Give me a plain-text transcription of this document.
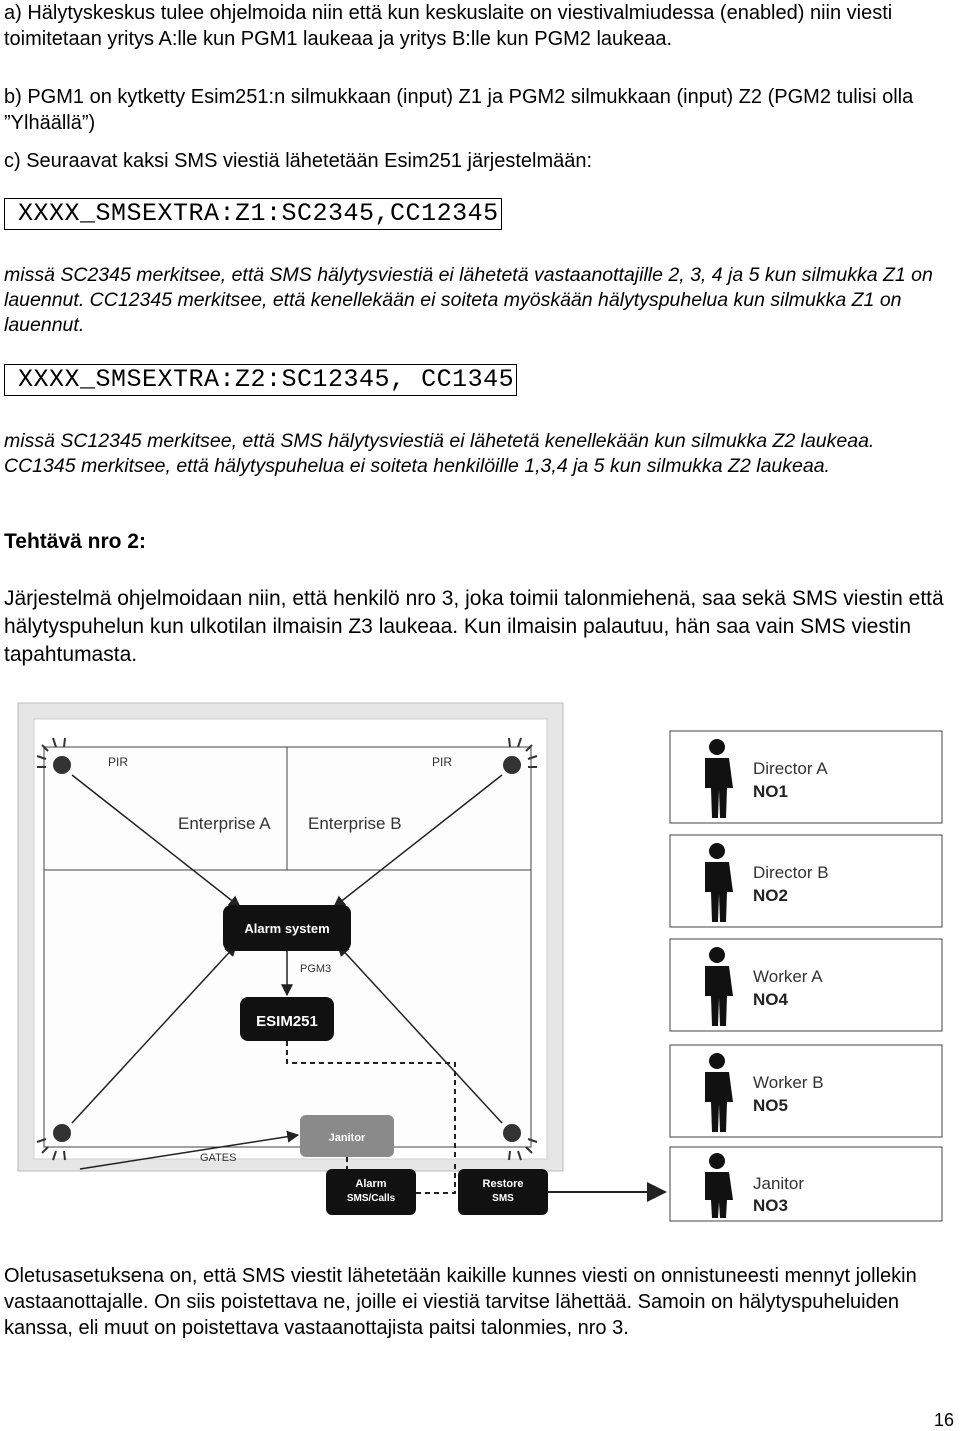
a) Hälytyskeskus tulee ohjelmoida niin että kun keskuslaite on viestivalmiudessa (enabled) niin viesti toimitetaan yritys A:lle kun PGM1 laukeaa ja yritys B:lle kun PGM2 laukeaa.

b) PGM1 on kytketty Esim251:n silmukkaan (input) Z1 ja PGM2 silmukkaan (input) Z2 (PGM2 tulisi olla ”Ylhäällä”)

c) Seuraavat kaksi SMS viestiä lähetetään Esim251 järjestelmään:

XXXX_SMSEXTRA:Z1:SC2345,CC12345

missä SC2345 merkitsee, että SMS hälytysviestiä ei lähetetä vastaanottajille 2, 3, 4 ja 5 kun silmukka Z1 on lauennut. CC12345 merkitsee, että kenellekään ei soiteta myöskään hälytyspuhelua kun silmukka Z1 on lauennut.

XXXX_SMSEXTRA:Z2:SC12345, CC1345

missä SC12345 merkitsee, että SMS hälytysviestiä ei lähetetä kenellekään kun silmukka Z2 laukeaa. CC1345 merkitsee, että hälytyspuhelua ei soiteta henkilöille 1,3,4 ja 5 kun silmukka Z2 laukeaa.

Tehtävä nro 2:

Järjestelmä ohjelmoidaan niin, että henkilö nro 3, joka toimii talonmiehenä, saa sekä SMS viestin että hälytyspuhelun kun ulkotilan ilmaisin Z3 laukeaa. Kun ilmaisin palautuu, hän saa vain SMS viestin tapahtumasta.

PIR	PIR
Enterprise A Enterprise B
Alarm system
PGM3
ESIM251
Janitor
GATES
Alarm
SMS/Calls
Restore
SMS
Director A
NO1
Director B
NO2
Worker A
NO4
Worker B
NO5
Janitor
NO3

Oletusasetuksena on, että SMS viestit lähetetään kaikille kunnes viesti on onnistuneesti mennyt jollekin vastaanottajalle. On siis poistettava ne, joille ei viestiä tarvitse lähettää. Samoin on hälytyspuheluiden kanssa, eli muut on poistettava vastaanottajista paitsi talonmies, nro 3.

16
